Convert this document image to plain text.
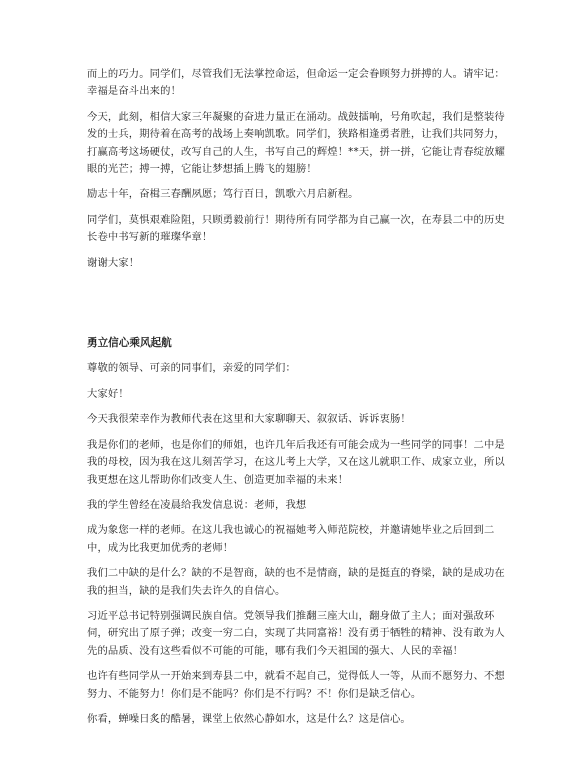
而上的巧力。同学们，尽管我们无法掌控命运，但命运一定会眷顾努力拼搏的人。请牢记：幸福是奋斗出来的！

今天，此刻，相信大家三年凝聚的奋进力量正在涌动。战鼓擂响，号角吹起，我们是整装待发的士兵，期待着在高考的战场上奏响凯歌。同学们，狭路相逢勇者胜，让我们共同努力，打赢高考这场硬仗，改写自己的人生，书写自己的辉煌！**天，拼一拼，它能让青春绽放耀眼的光芒；搏一搏，它能让梦想插上腾飞的翅膀！

励志十年，奋楫三春酬夙愿；笃行百日，凯歌六月启新程。

同学们，莫惧艰难险阻，只顾勇毅前行！期待所有同学都为自己赢一次，在寿县二中的历史长卷中书写新的璀璨华章！

谢谢大家！

勇立信心乘风起航

尊敬的领导、可亲的同事们，亲爱的同学们：

大家好！

今天我很荣幸作为教师代表在这里和大家聊聊天、叙叙话、诉诉衷肠！

我是你们的老师，也是你们的师姐，也许几年后我还有可能会成为一些同学的同事！二中是我的母校，因为我在这儿刻苦学习，在这儿考上大学，又在这儿就职工作、成家立业，所以我更想在这儿帮助你们改变人生、创造更加幸福的未来！

我的学生曾经在凌晨给我发信息说：老师，我想

成为象您一样的老师。在这儿我也诚心的祝福她考入师范院校，并邀请她毕业之后回到二中，成为比我更加优秀的老师！

我们二中缺的是什么？缺的不是智商，缺的也不是情商，缺的是挺直的脊梁，缺的是成功在我的担当，缺的是我们失去许久的自信心。

习近平总书记特别强调民族自信。党领导我们推翻三座大山，翻身做了主人；面对强敌环伺，研究出了原子弹；改变一穷二白，实现了共同富裕！没有勇于牺牲的精神、没有敢为人先的品质、没有这些看似不可能的可能，哪有我们今天祖国的强大、人民的幸福！

也许有些同学从一开始来到寿县二中，就看不起自己，觉得低人一等，从而不愿努力、不想努力、不能努力！你们是不能吗？你们是不行吗？不！你们是缺乏信心。

你看，蝉噪日炙的酷暑，课堂上依然心静如水，这是什么？这是信心。
